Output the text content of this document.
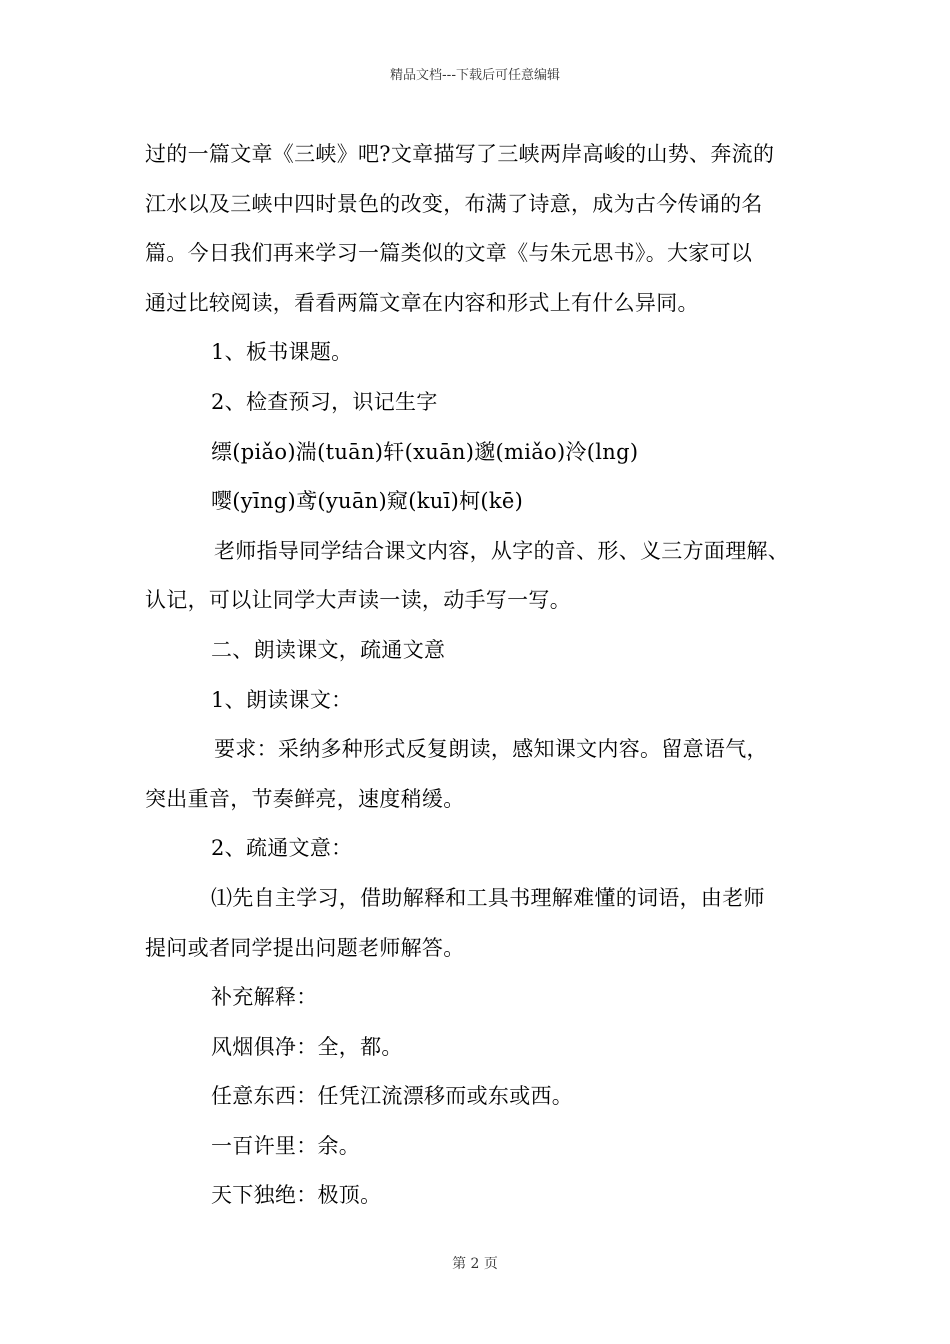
精品文档---下载后可任意编辑
过的一篇文章《三峡》吧?文章描写了三峡两岸高峻的山势、奔流的
江水以及三峡中四时景色的改变，布满了诗意，成为古今传诵的名
篇。今日我们再来学习一篇类似的文章《与朱元思书》。大家可以
通过比较阅读，看看两篇文章在内容和形式上有什么异同。
1、板书课题。
2、检查预习，识记生字
缥(piǎo)湍(tuān)轩(xuān)邈(miǎo)泠(lng)
嘤(yīng)鸢(yuān)窥(kuī)柯(kē)
老师指导同学结合课文内容，从字的音、形、义三方面理解、
认记，可以让同学大声读一读，动手写一写。
二、朗读课文，疏通文意
1、朗读课文：
要求：采纳多种形式反复朗读，感知课文内容。留意语气，
突出重音，节奏鲜亮，速度稍缓。
2、疏通文意：
⑴先自主学习，借助解释和工具书理解难懂的词语，由老师
提问或者同学提出问题老师解答。
补充解释：
风烟俱净：全，都。
任意东西：任凭江流漂移而或东或西。
一百许里：余。
天下独绝：极顶。
第 2 页
